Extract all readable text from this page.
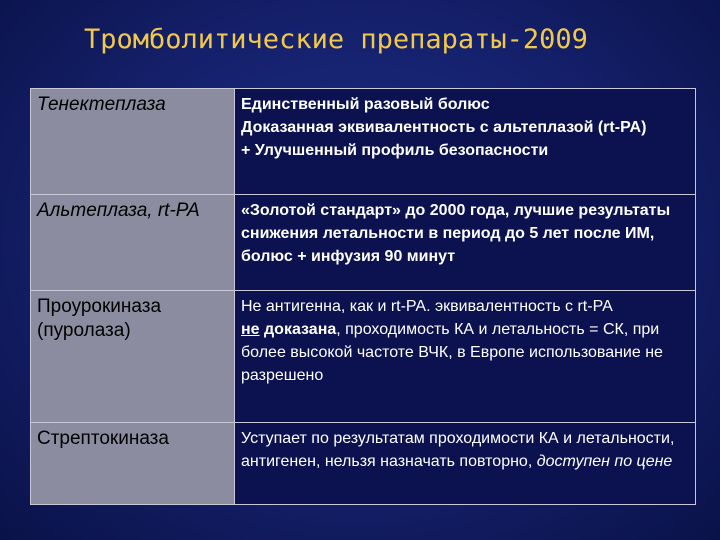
Тромболитические препараты-2009
Тенектеплаза	Единственный разовый болюс
Доказанная эквивалентность с альтеплазой (rt-PA)
+ Улучшенный профиль безопасности

Альтеплаза, rt-PA	«Золотой стандарт» до 2000 года, лучшие результаты снижения летальности в период до 5 лет после ИМ, болюс + инфузия 90 минут
Проурокиназа (пуролаза)	Не антигенна, как и rt-PA. эквивалентность с rt-PA
не доказана, проходимость КА и летальность = СК, при более высокой частоте ВЧК, в Европе использование не разрешено

Стрептокиназа	Уступает по результатам проходимости КА и летальности, антигенен, нельзя назначать повторно, доступен по цене
